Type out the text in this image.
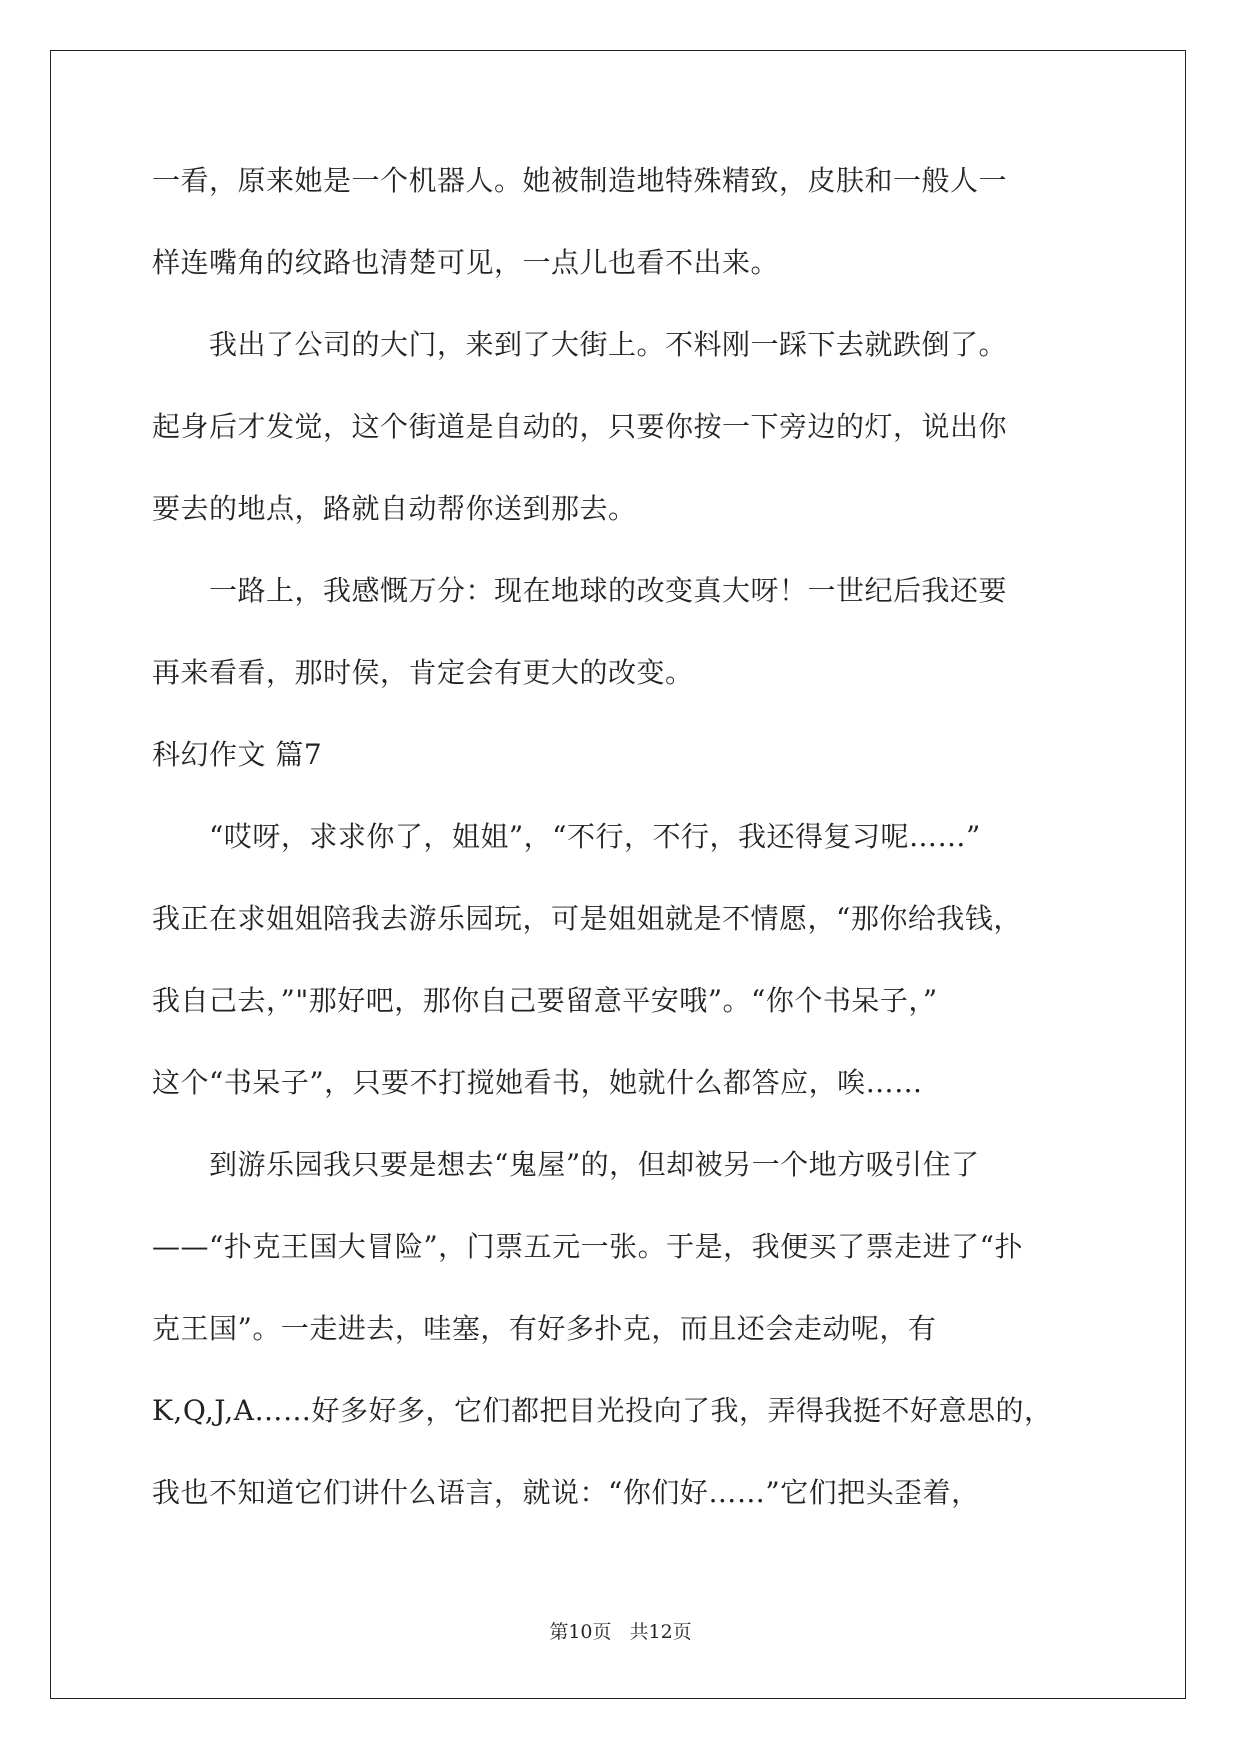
一看，原来她是一个机器人。她被制造地特殊精致，皮肤和一般人一
样连嘴角的纹路也清楚可见，一点儿也看不出来。
　　我出了公司的大门，来到了大街上。不料刚一踩下去就跌倒了。
起身后才发觉，这个街道是自动的，只要你按一下旁边的灯，说出你
要去的地点，路就自动帮你送到那去。
　　一路上，我感慨万分：现在地球的改变真大呀！一世纪后我还要
再来看看，那时侯，肯定会有更大的改变。
科幻作文 篇7
　　“哎呀，求求你了，姐姐”，“不行，不行，我还得复习呢……”
我正在求姐姐陪我去游乐园玩，可是姐姐就是不情愿，“那你给我钱，
我自己去，”"那好吧，那你自己要留意平安哦”。“你个书呆子，”
这个“书呆子”，只要不打搅她看书，她就什么都答应，唉……
　　到游乐园我只要是想去“鬼屋”的，但却被另一个地方吸引住了
——“扑克王国大冒险”，门票五元一张。于是，我便买了票走进了“扑
克王国”。一走进去，哇塞，有好多扑克，而且还会走动呢，有
K,Q,J,A……好多好多，它们都把目光投向了我，弄得我挺不好意思的，
我也不知道它们讲什么语言，就说：“你们好……”它们把头歪着，
第10页 共12页
